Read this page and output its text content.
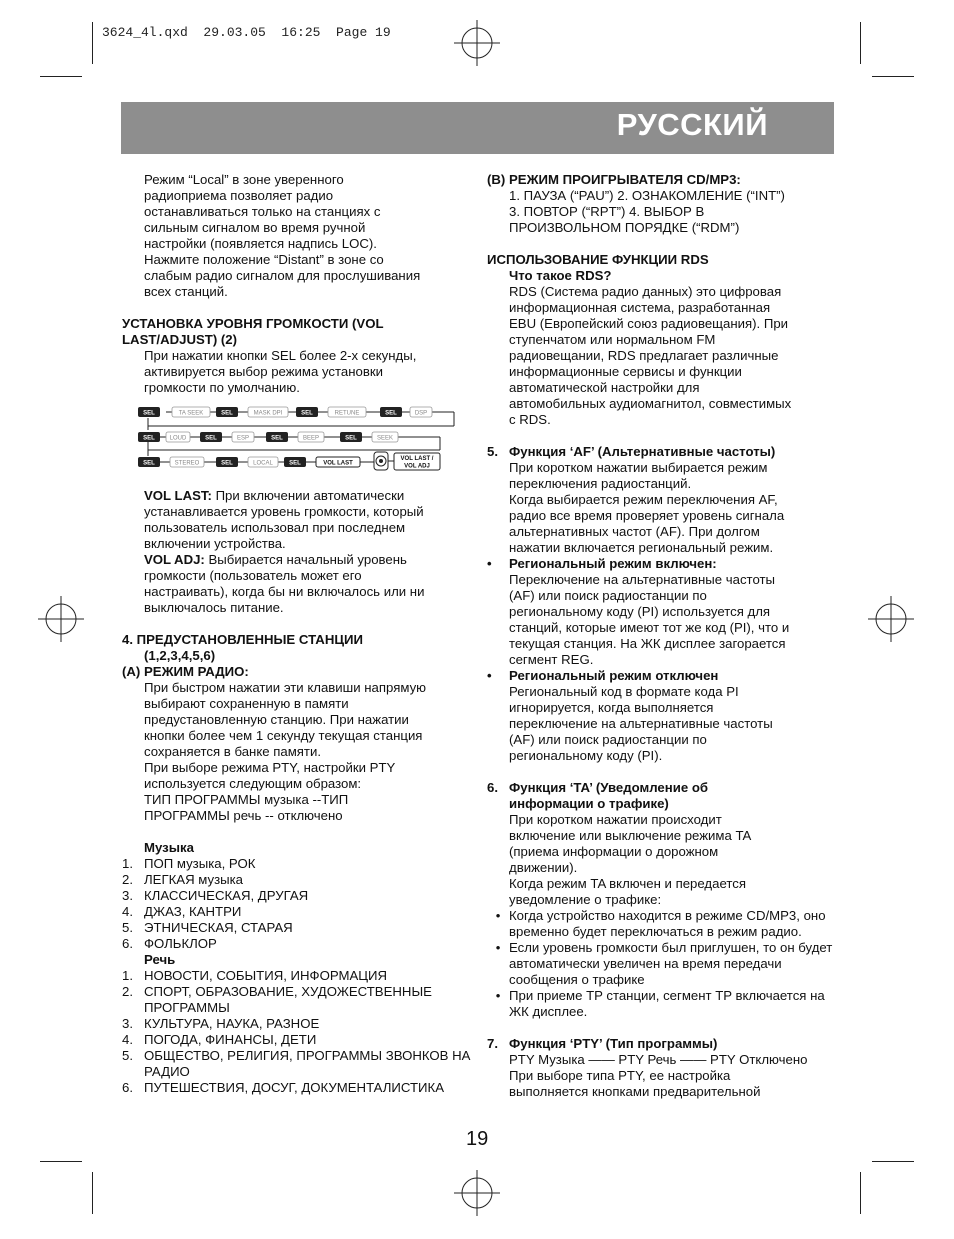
3624_4l.qxd  29.03.05  16:25  Page 19
РУССКИЙ

Режим “Local” в зоне уверенного

радиоприема позволяет радио

останавливаться только на станциях с

сильным сигналом во время ручной

настройки (появляется надпись LOC).

Нажмите положение “Distant” в зоне со

слабым радио сигналом для прослушивания

всех станций.

УСТАНОВКА УРОВНЯ ГРОМКОСТИ (VOL

LAST/ADJUST) (2)

При нажатии кнопки SEL более 2-х секунды,

активируется выбор режима установки

громкости по умолчанию.

SEL	TA SEEK	SEL	MASK DPI	SEL	RETUNE	SEL	DSP
SEL LOUD	SEL	ESP	SEL	BEEP	SEL	SEEK
SEL	STEREO	SEL	LOCAL	SEL	VOL LAST
VOL LAST /
VOL ADJ

VOL LAST: При включении автоматически

устанавливается уровень громкости, который

пользователь использовал при последнем

включении устройства.

VOL ADJ: Выбирается начальный уровень

громкости (пользователь может его

настраивать), когда бы ни включалось или ни

выключалось питание.

4. ПРЕДУСТАНОВЛЕННЫЕ СТАНЦИИ

(1,2,3,4,5,6)

(A) РЕЖИМ РАДИО:

При быстром нажатии эти клавиши напрямую

выбирают сохраненную в памяти

предустановленную станцию. При нажатии

кнопки более чем 1 секунду текущая станция

сохраняется в банке памяти.

При выборе режима PTY, настройки PTY

используется следующим образом:

ТИП ПРОГРАММЫ музыка --ТИП

ПРОГРАММЫ речь -- отключено

Музыка

1. ПОП музыка, РОК
2. ЛЕГКАЯ музыка
3. КЛАССИЧЕСКАЯ, ДРУГАЯ
4. ДЖАЗ, КАНТРИ
5. ЭТНИЧЕСКАЯ, СТАРАЯ
6. ФОЛЬКЛОР

Речь

1. НОВОСТИ, СОБЫТИЯ, ИНФОРМАЦИЯ
2. СПОРТ, ОБРАЗОВАНИЕ, ХУДОЖЕСТВЕННЫЕ ПРОГРАММЫ
3. КУЛЬТУРА, НАУКА, РАЗНОЕ
4. ПОГОДА, ФИНАНСЫ, ДЕТИ
5. ОБЩЕСТВО, РЕЛИГИЯ, ПРОГРАММЫ ЗВОНКОВ НА РАДИО
6. ПУТЕШЕСТВИЯ, ДОСУГ, ДОКУМЕНТАЛИСТИКА

(B) РЕЖИМ ПРОИГРЫВАТЕЛЯ CD/MP3:

1. ПАУЗА (“PAU”) 2. ОЗНАКОМЛЕНИЕ (“INT”)

3. ПОВТОР (“RPT”) 4. ВЫБОР В

ПРОИЗВОЛЬНОМ ПОРЯДКЕ (“RDM”)

ИСПОЛЬЗОВАНИЕ ФУНКЦИИ RDS

Что такое RDS?

RDS (Система радио данных) это цифровая

информационная система, разработанная

EBU (Европейский союз радиовещания). При

ступенчатом или нормальном FM

радиовещании, RDS предлагает различные

информационные сервисы и функции

автоматической настройки для

автомобильных аудиомагнитол, совместимых

с RDS.

5. Функция ‘AF’ (Альтернативные частоты)

При коротком нажатии выбирается режим

переключения радиостанций.

Когда выбирается режим переключения AF,

радио все время проверяет уровень сигнала

альтернативных частот (AF). При долгом

нажатии включается региональный режим.

•	Региональный режим включен:

Переключение на альтернативные частоты

(AF) или поиск радиостанции по

региональному коду (PI) используется для

станций, которые имеют тот же код (PI), что и

текущая станция. На ЖК дисплее загорается

сегмент REG.

•	Региональный режим отключен

Региональный код в формате кода PI

игнорируется, когда выполняется

переключение на альтернативные частоты

(AF) или поиск радиостанции по

региональному коду (PI).

6. Функция ‘TA’ (Уведомление об

информации о трафике)

При коротком нажатии происходит

включение или выключение режима TA

(приема информации о дорожном

движении).

Когда режим TA включен и передается

уведомление о трафике:

• Когда устройство находится в режиме CD/MP3, оно временно будет переключаться в режим радио.
• Если уровень громкости был приглушен, то он будет автоматически увеличен на время передачи сообщения о трафике
• При приеме TP станции, сегмент TP включается на ЖК дисплее.
7. Функция ‘PTY’ (Тип программы)

PTY Музыка —— PTY Речь —— PTY Отключено

При выборе типа PTY, ее настройка

выполняется кнопками предварительной

19
